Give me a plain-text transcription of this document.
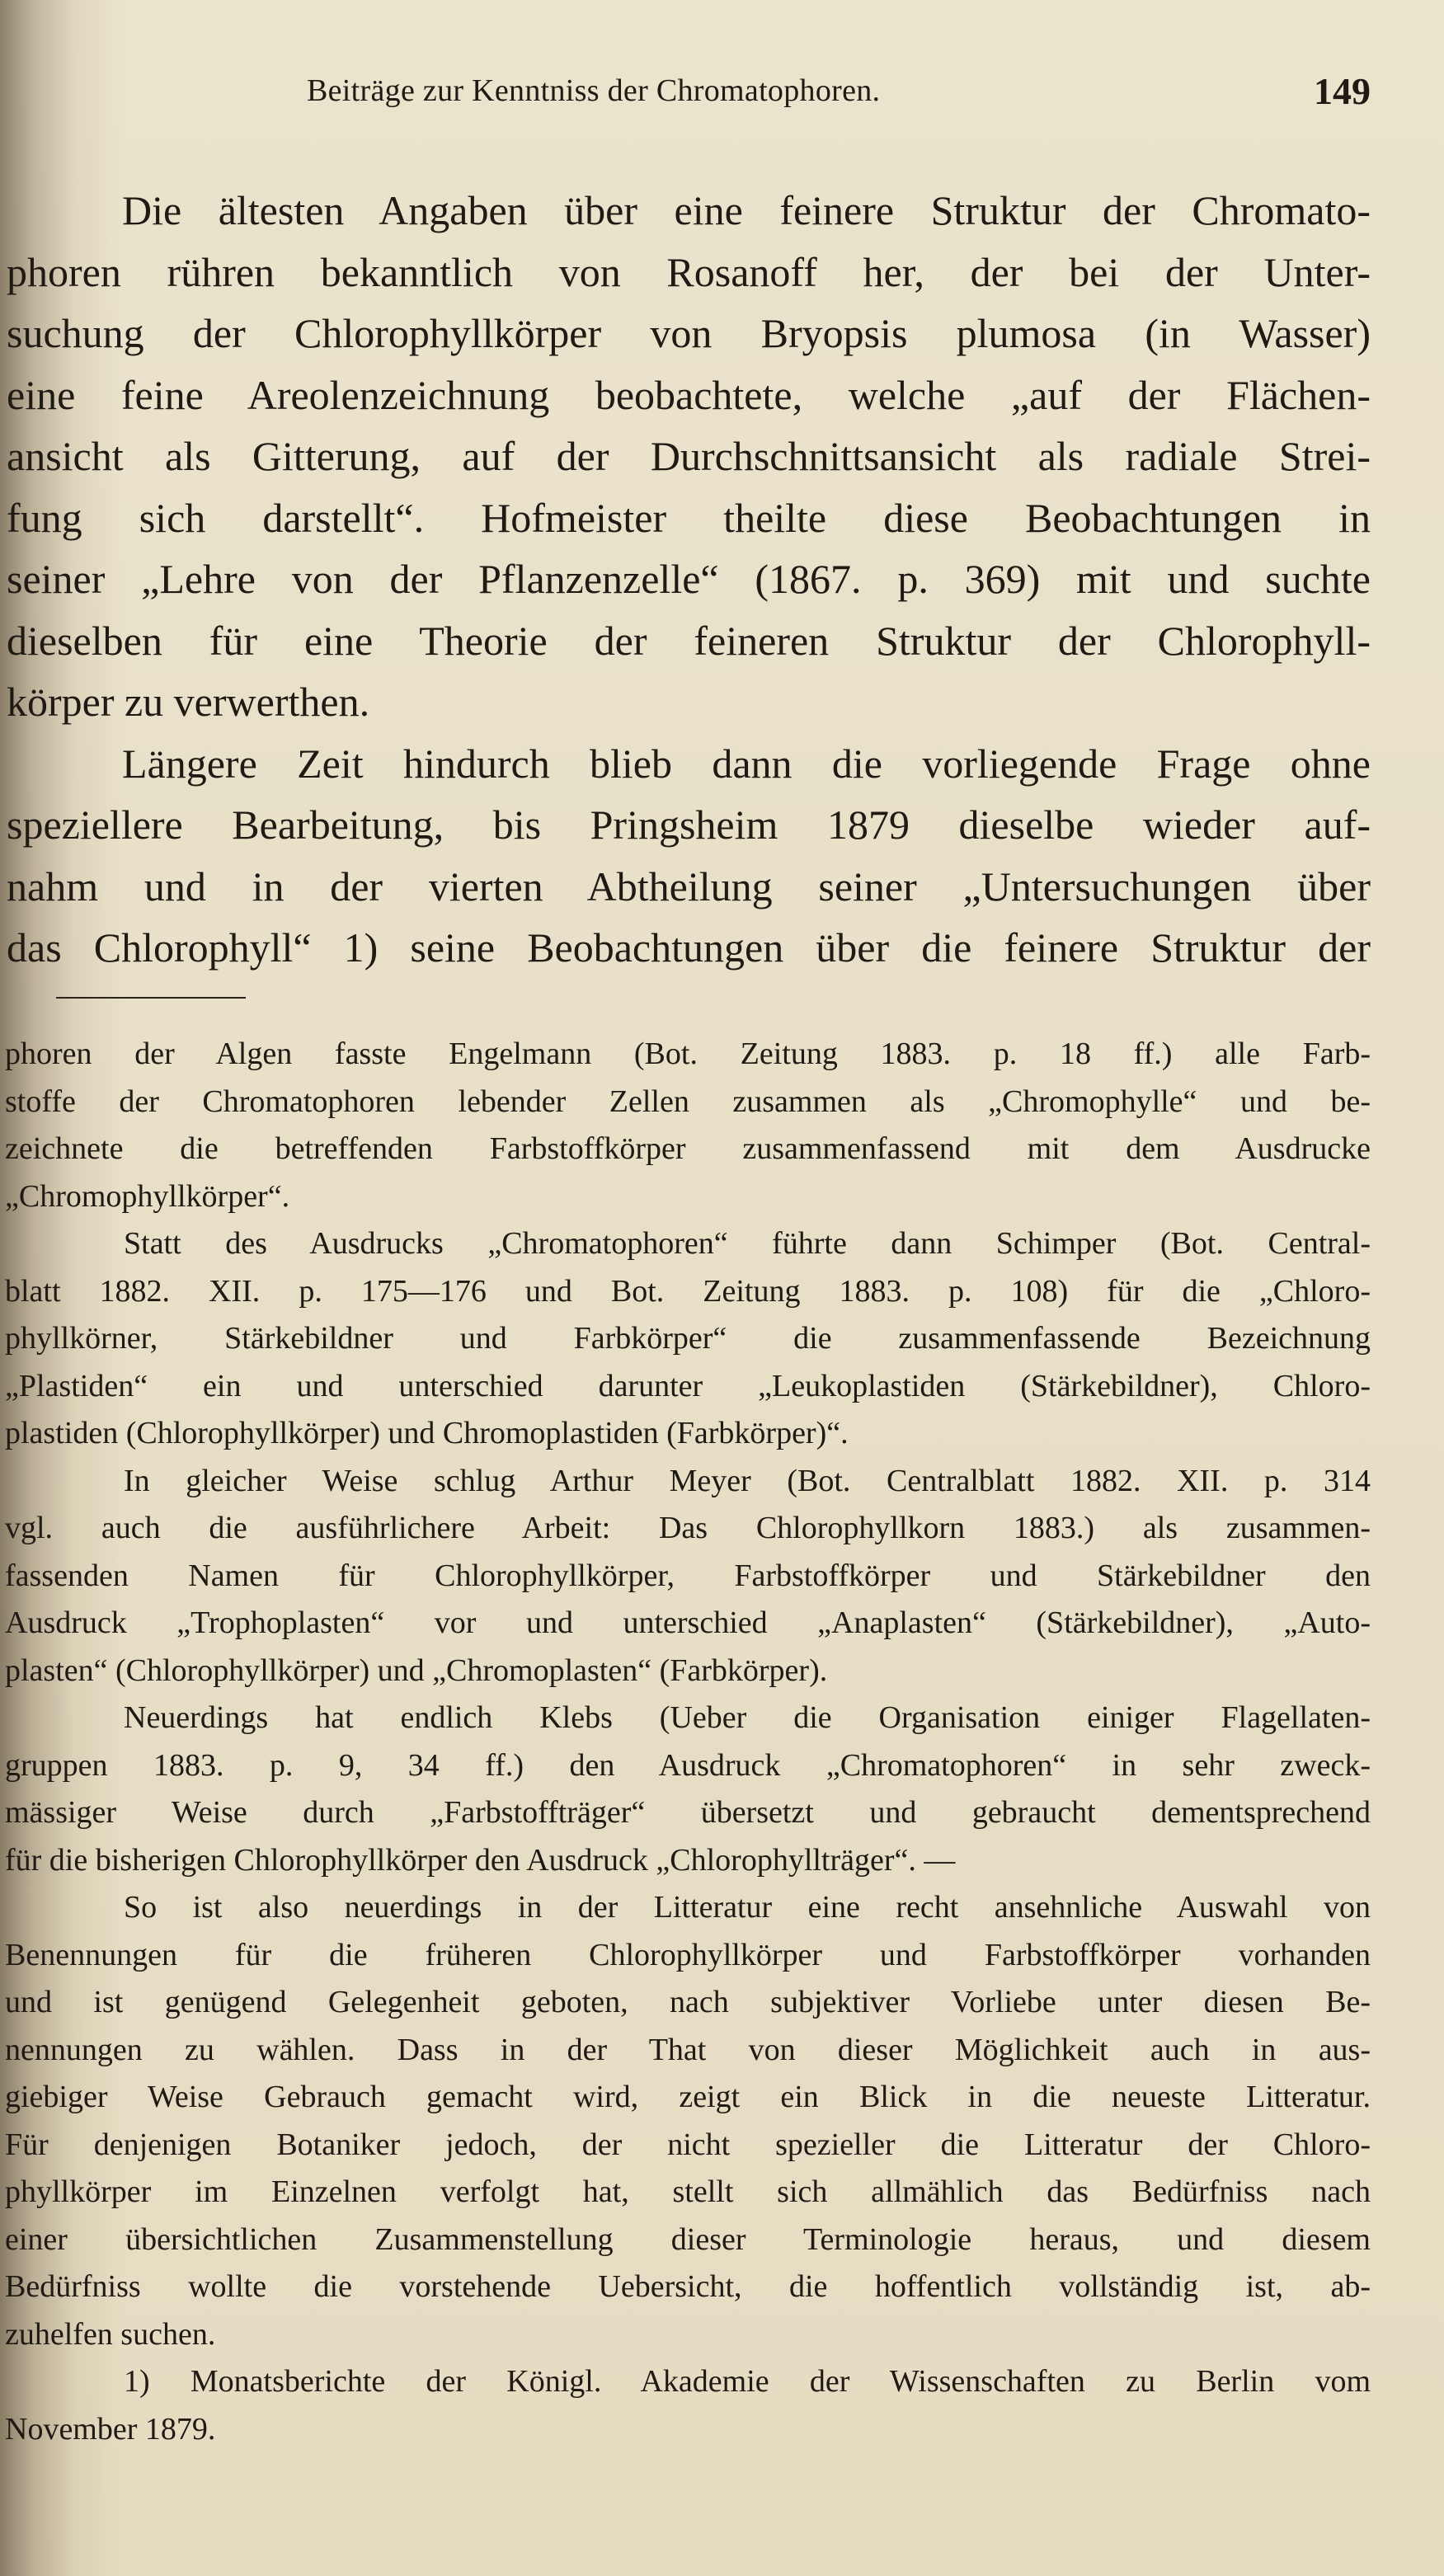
Beiträge zur Kenntniss der Chromatophoren.	149
Die ältesten Angaben über eine feinere Struktur der Chromato-
phoren rühren bekanntlich von Rosanoff her, der bei der Unter-
suchung der Chlorophyllkörper von Bryopsis plumosa (in Wasser)
eine feine Areolenzeichnung beobachtete, welche „auf der Flächen-
ansicht als Gitterung, auf der Durchschnittsansicht als radiale Strei-
fung sich darstellt“. Hofmeister theilte diese Beobachtungen in
seiner „Lehre von der Pflanzenzelle“ (1867. p. 369) mit und suchte
dieselben für eine Theorie der feineren Struktur der Chlorophyll-
körper zu verwerthen.
Längere Zeit hindurch blieb dann die vorliegende Frage ohne
speziellere Bearbeitung, bis Pringsheim 1879 dieselbe wieder auf-
nahm und in der vierten Abtheilung seiner „Untersuchungen über
das Chlorophyll“ 1) seine Beobachtungen über die feinere Struktur der
phoren der Algen fasste Engelmann (Bot. Zeitung 1883. p. 18 ff.) alle Farb-
stoffe der Chromatophoren lebender Zellen zusammen als „Chromophylle“ und be-
zeichnete die betreffenden Farbstoffkörper zusammenfassend mit dem Ausdrucke
„Chromophyllkörper“.
Statt des Ausdrucks „Chromatophoren“ führte dann Schimper (Bot. Central-
blatt 1882. XII. p. 175—176 und Bot. Zeitung 1883. p. 108) für die „Chloro-
phyllkörner, Stärkebildner und Farbkörper“ die zusammenfassende Bezeichnung
„Plastiden“ ein und unterschied darunter „Leukoplastiden (Stärkebildner), Chloro-
plastiden (Chlorophyllkörper) und Chromoplastiden (Farbkörper)“.
In gleicher Weise schlug Arthur Meyer (Bot. Centralblatt 1882. XII. p. 314
vgl. auch die ausführlichere Arbeit: Das Chlorophyllkorn 1883.) als zusammen-
fassenden Namen für Chlorophyllkörper, Farbstoffkörper und Stärkebildner den
Ausdruck „Trophoplasten“ vor und unterschied „Anaplasten“ (Stärkebildner), „Auto-
plasten“ (Chlorophyllkörper) und „Chromoplasten“ (Farbkörper).
Neuerdings hat endlich Klebs (Ueber die Organisation einiger Flagellaten-
gruppen 1883. p. 9, 34 ff.) den Ausdruck „Chromatophoren“ in sehr zweck-
mässiger Weise durch „Farbstoffträger“ übersetzt und gebraucht dementsprechend
für die bisherigen Chlorophyllkörper den Ausdruck „Chlorophyllträger“. —
So ist also neuerdings in der Litteratur eine recht ansehnliche Auswahl von
Benennungen für die früheren Chlorophyllkörper und Farbstoffkörper vorhanden
und ist genügend Gelegenheit geboten, nach subjektiver Vorliebe unter diesen Be-
nennungen zu wählen. Dass in der That von dieser Möglichkeit auch in aus-
giebiger Weise Gebrauch gemacht wird, zeigt ein Blick in die neueste Litteratur.
Für denjenigen Botaniker jedoch, der nicht spezieller die Litteratur der Chloro-
phyllkörper im Einzelnen verfolgt hat, stellt sich allmählich das Bedürfniss nach
einer übersichtlichen Zusammenstellung dieser Terminologie heraus, und diesem
Bedürfniss wollte die vorstehende Uebersicht, die hoffentlich vollständig ist, ab-
zuhelfen suchen.
1) Monatsberichte der Königl. Akademie der Wissenschaften zu Berlin vom
November 1879.
